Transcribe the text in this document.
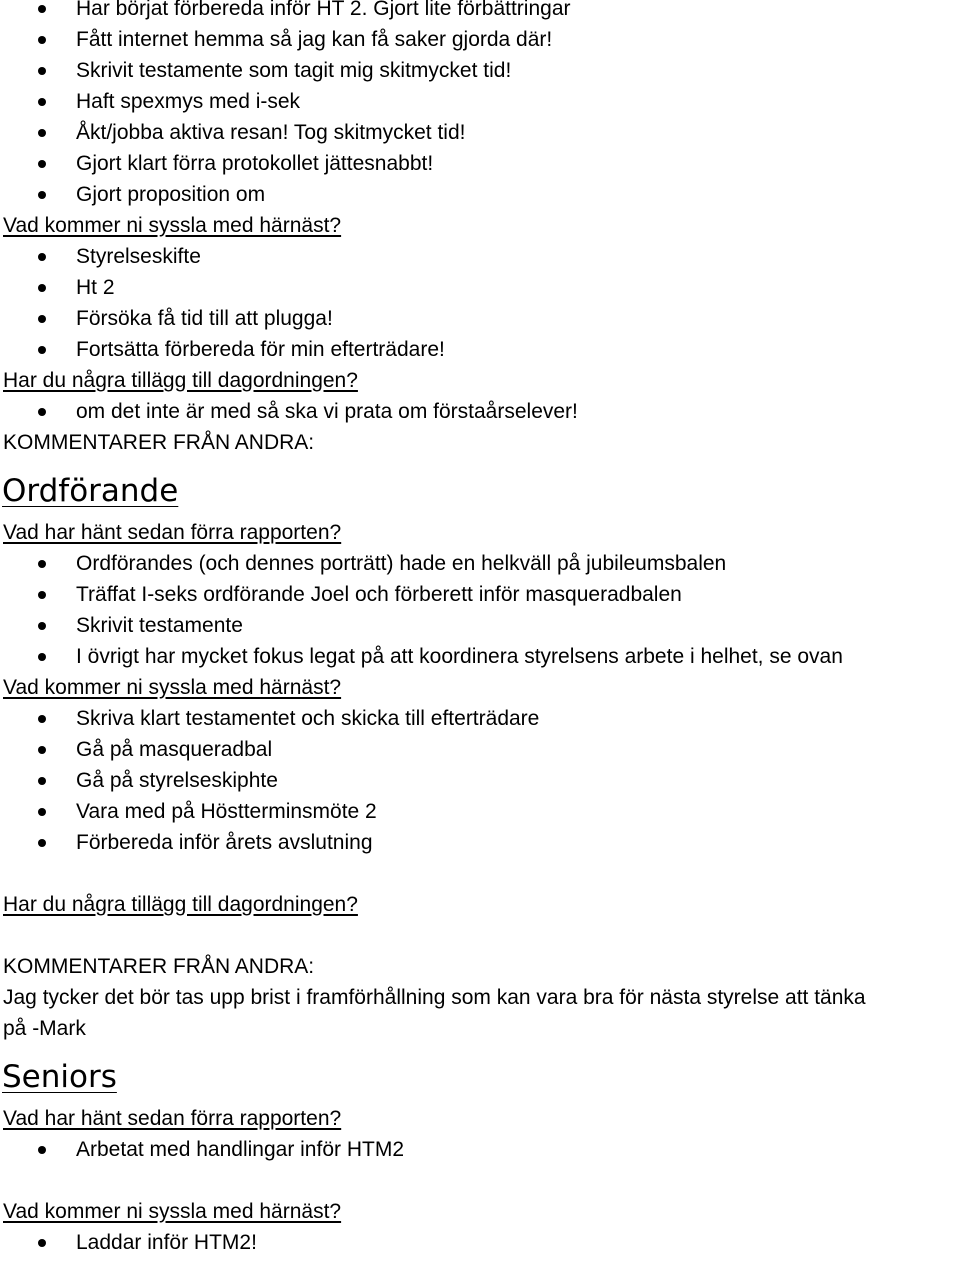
Har börjat förbereda inför HT 2. Gjort lite förbättringar
Fått internet hemma så jag kan få saker gjorda där!
Skrivit testamente som tagit mig skitmycket tid!
Haft spexmys med i-sek
Åkt/jobba aktiva resan! Tog skitmycket tid!
Gjort klart förra protokollet jättesnabbt!
Gjort proposition om
Vad kommer ni syssla med härnäst?
Styrelseskifte
Ht 2
Försöka få tid till att plugga!
Fortsätta förbereda för min efterträdare!
Har du några tillägg till dagordningen?
om det inte är med så ska vi prata om förstaårselever!
KOMMENTARER FRÅN ANDRA:
Ordförande
Vad har hänt sedan förra rapporten?
Ordförandes (och dennes porträtt) hade en helkväll på jubileumsbalen
Träffat I-seks ordförande Joel och förberett inför masqueradbalen
Skrivit testamente
I övrigt har mycket fokus legat på att koordinera styrelsens arbete i helhet, se ovan
Vad kommer ni syssla med härnäst?
Skriva klart testamentet och skicka till efterträdare
Gå på masqueradbal
Gå på styrelseskiphte
Vara med på Höstterminsmöte 2
Förbereda inför årets avslutning
Har du några tillägg till dagordningen?
KOMMENTARER FRÅN ANDRA:
Jag tycker det bör tas upp brist i framförhållning som kan vara bra för nästa styrelse att tänka
på -Mark
Seniors
Vad har hänt sedan förra rapporten?
Arbetat med handlingar inför HTM2
Vad kommer ni syssla med härnäst?
Laddar inför HTM2!
